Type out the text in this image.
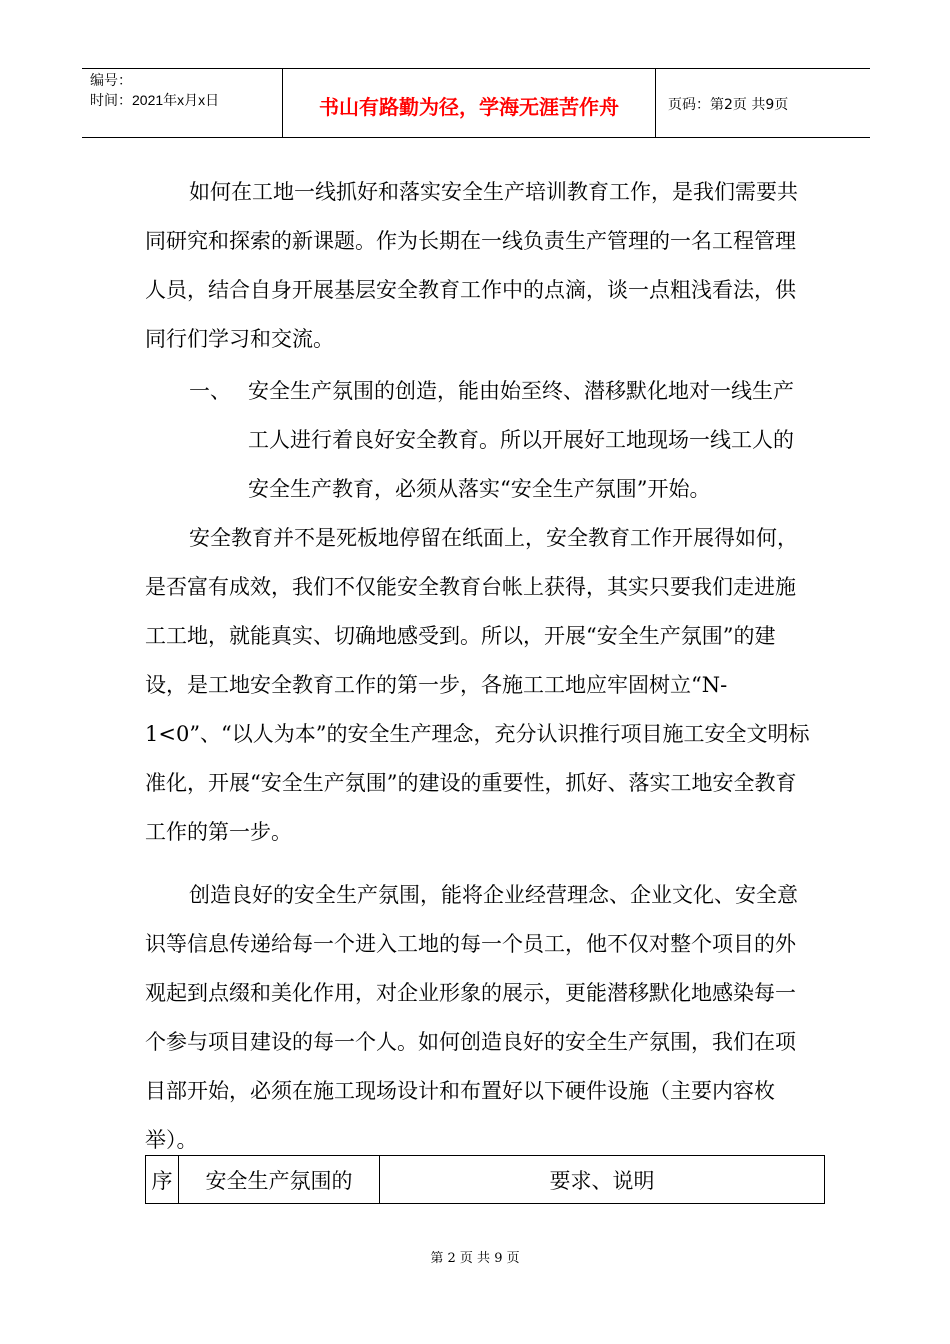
编号：
时间：2021年x月x日	书山有路勤为径，学海无涯苦作舟	页码：第2页 共9页

如何在工地一线抓好和落实安全生产培训教育工作，是我们需要共同研究和探索的新课题。作为长期在一线负责生产管理的一名工程管理人员，结合自身开展基层安全教育工作中的点滴，谈一点粗浅看法，供同行们学习和交流。

一、 安全生产氛围的创造，能由始至终、潜移默化地对一线生产工人进行着良好安全教育。所以开展好工地现场一线工人的安全生产教育，必须从落实“安全生产氛围”开始。

安全教育并不是死板地停留在纸面上，安全教育工作开展得如何，是否富有成效，我们不仅能安全教育台帐上获得，其实只要我们走进施工工地，就能真实、切确地感受到。所以，开展“安全生产氛围”的建设，是工地安全教育工作的第一步，各施工工地应牢固树立“N-1<0”、“以人为本”的安全生产理念，充分认识推行项目施工安全文明标准化，开展“安全生产氛围”的建设的重要性，抓好、落实工地安全教育工作的第一步。

创造良好的安全生产氛围，能将企业经营理念、企业文化、安全意识等信息传递给每一个进入工地的每一个员工，他不仅对整个项目的外观起到点缀和美化作用，对企业形象的展示，更能潜移默化地感染每一个参与项目建设的每一个人。如何创造良好的安全生产氛围，我们在项目部开始，必须在施工现场设计和布置好以下硬件设施（主要内容枚举）。

序	安全生产氛围的	要求、说明
第 2 页 共 9 页
